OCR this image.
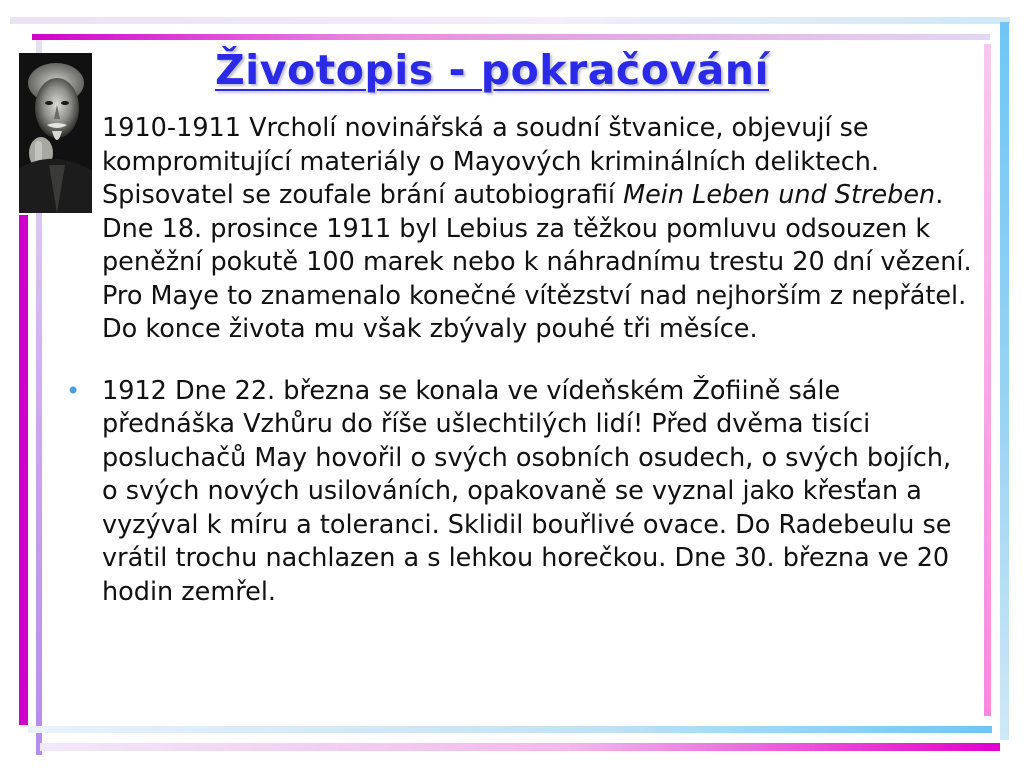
Životopis - pokračování

1910-1911 Vrcholí novinářská a soudní štvanice, objevují se kompromitující materiály o Mayových kriminálních deliktech. Spisovatel se zoufale brání autobiografií Mein Leben und Streben. Dne 18. prosince 1911 byl Lebius za těžkou pomluvu odsouzen k peněžní pokutě 100 marek nebo k náhradnímu trestu 20 dní vězení. Pro Maye to znamenalo konečné vítězství nad nejhorším z nepřátel. Do konce života mu však zbývaly pouhé tři měsíce.

• 1912 Dne 22. března se konala ve vídeňském Žofiině sále přednáška Vzhůru do říše ušlechtilých lidí! Před dvěma tisíci posluchačů May hovořil o svých osobních osudech, o svých bojích, o svých nových usilováních, opakovaně se vyznal jako křesťan a vyzýval k míru a toleranci. Sklidil bouřlivé ovace. Do Radebeulu se vrátil trochu nachlazen a s lehkou horečkou. Dne 30. března ve 20 hodin zemřel.
